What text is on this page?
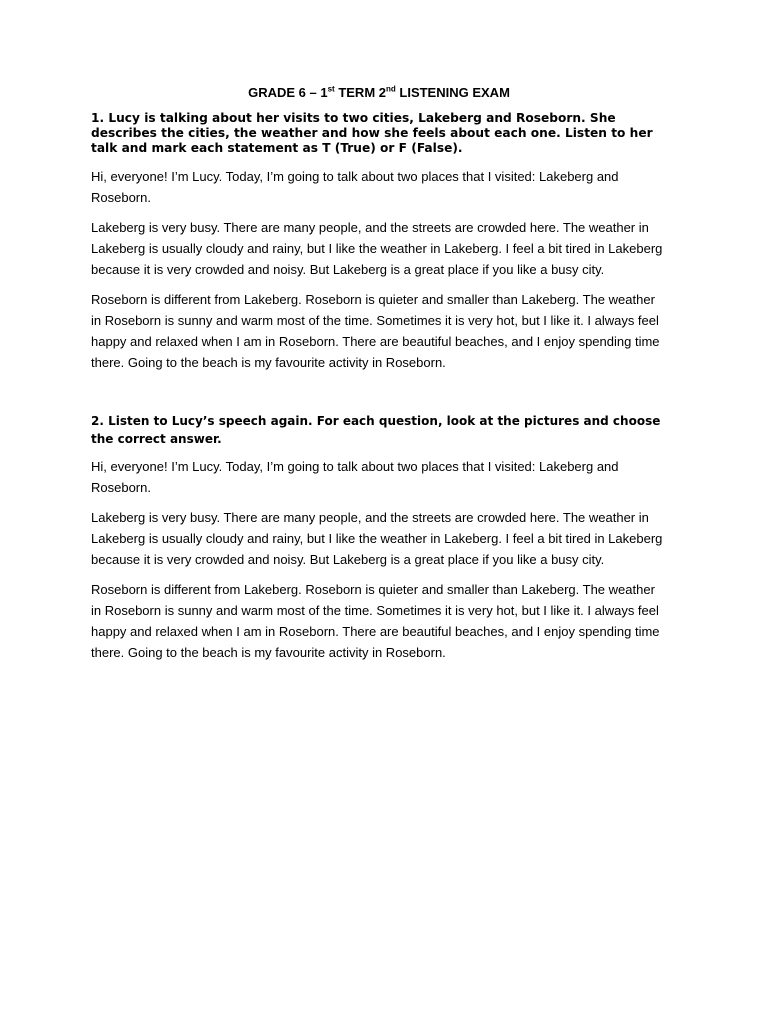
GRADE 6 – 1st TERM 2nd LISTENING EXAM
1. Lucy is talking about her visits to two cities, Lakeberg and Roseborn. She describes the cities, the weather and how she feels about each one. Listen to her talk and mark each statement as T (True) or F (False).

Hi, everyone! I’m Lucy. Today, I’m going to talk about two places that I visited: Lakeberg and Roseborn.

Lakeberg is very busy. There are many people, and the streets are crowded here. The weather in Lakeberg is usually cloudy and rainy, but I like the weather in Lakeberg. I feel a bit tired in Lakeberg because it is very crowded and noisy. But Lakeberg is a great place if you like a busy city.

Roseborn is different from Lakeberg. Roseborn is quieter and smaller than Lakeberg. The weather in Roseborn is sunny and warm most of the time. Sometimes it is very hot, but I like it. I always feel happy and relaxed when I am in Roseborn. There are beautiful beaches, and I enjoy spending time there. Going to the beach is my favourite activity in Roseborn.

2. Listen to Lucy’s speech again. For each question, look at the pictures and choose the correct answer.

Hi, everyone! I’m Lucy. Today, I’m going to talk about two places that I visited: Lakeberg and Roseborn.

Lakeberg is very busy. There are many people, and the streets are crowded here. The weather in Lakeberg is usually cloudy and rainy, but I like the weather in Lakeberg. I feel a bit tired in Lakeberg because it is very crowded and noisy. But Lakeberg is a great place if you like a busy city.

Roseborn is different from Lakeberg. Roseborn is quieter and smaller than Lakeberg. The weather in Roseborn is sunny and warm most of the time. Sometimes it is very hot, but I like it. I always feel happy and relaxed when I am in Roseborn. There are beautiful beaches, and I enjoy spending time there. Going to the beach is my favourite activity in Roseborn.
